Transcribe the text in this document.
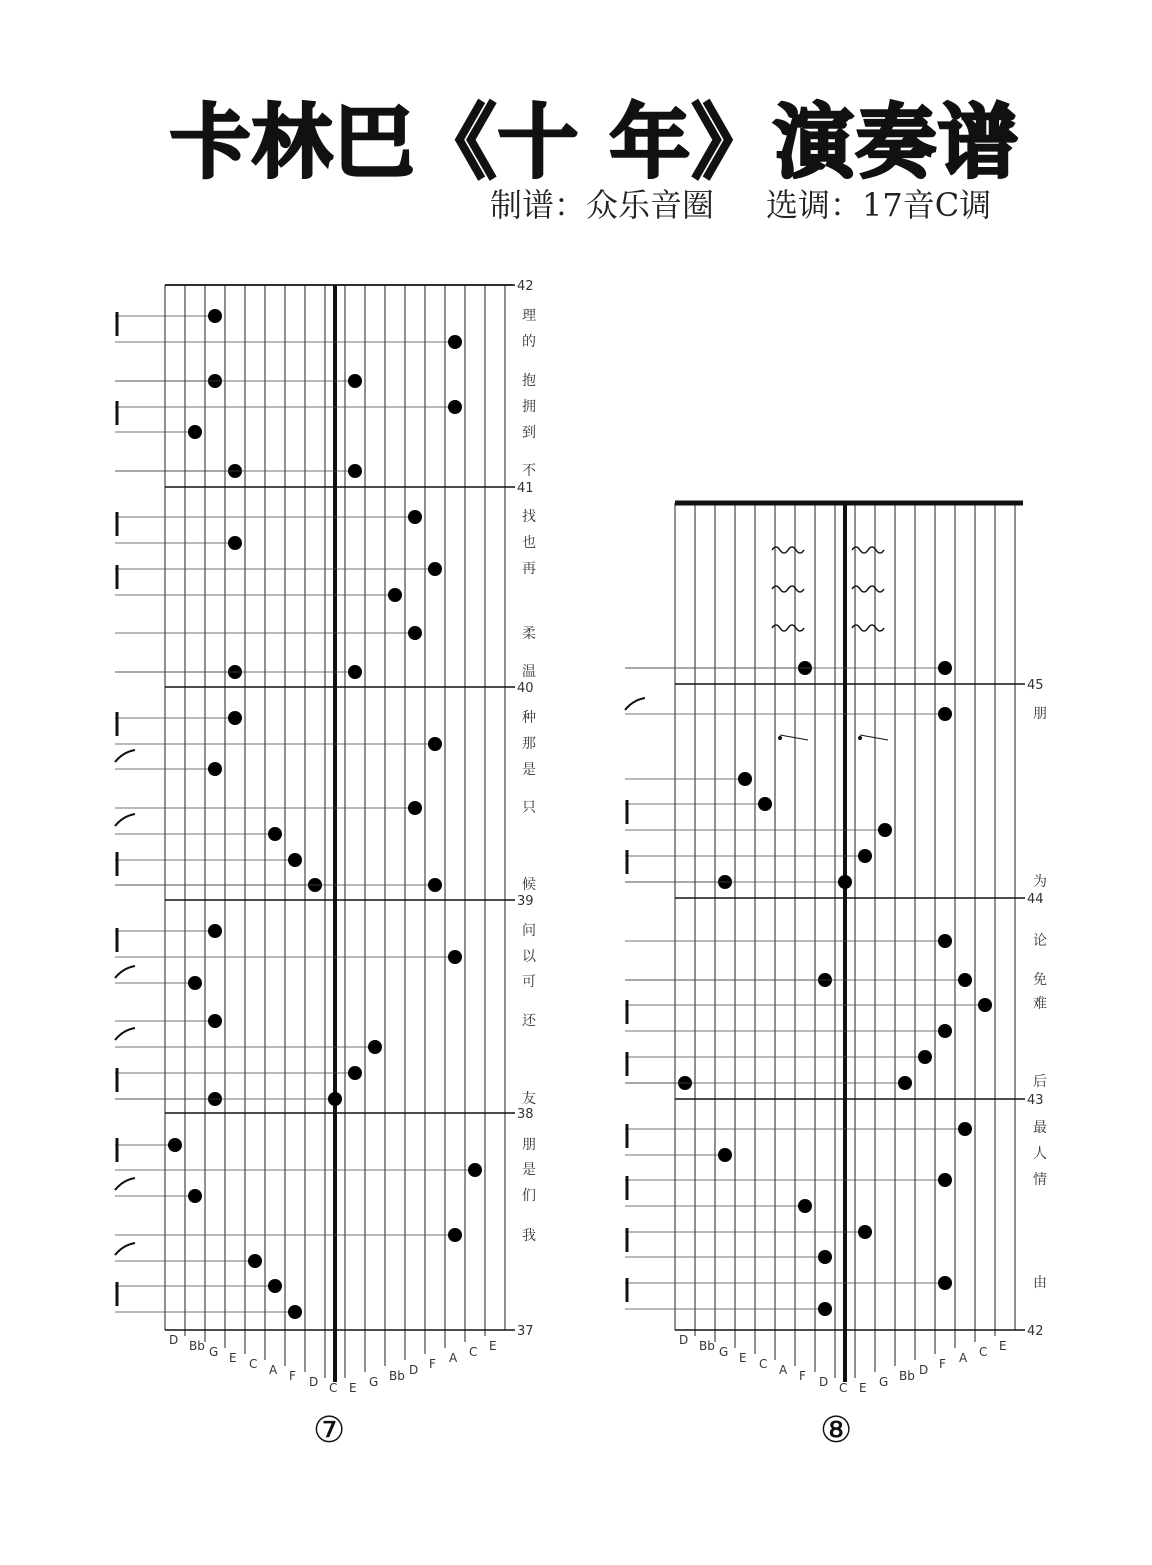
卡林巴《十 年》演奏谱
制谱：众乐音圈 选调：17音C调
42
41
40
39
38
37
理
的
抱
拥
到
不
找
也
再
柔
温
种
那
是
只
候
问
以
可
还
友
朋
是
们
我
D Bb G E C A F D C E G Bb D F A C E
45
44
43
42
朋
为
论
免
难
后
最
人
情
由
D Bb G E C A F D C E G Bb D F A C E
⑦	⑧
